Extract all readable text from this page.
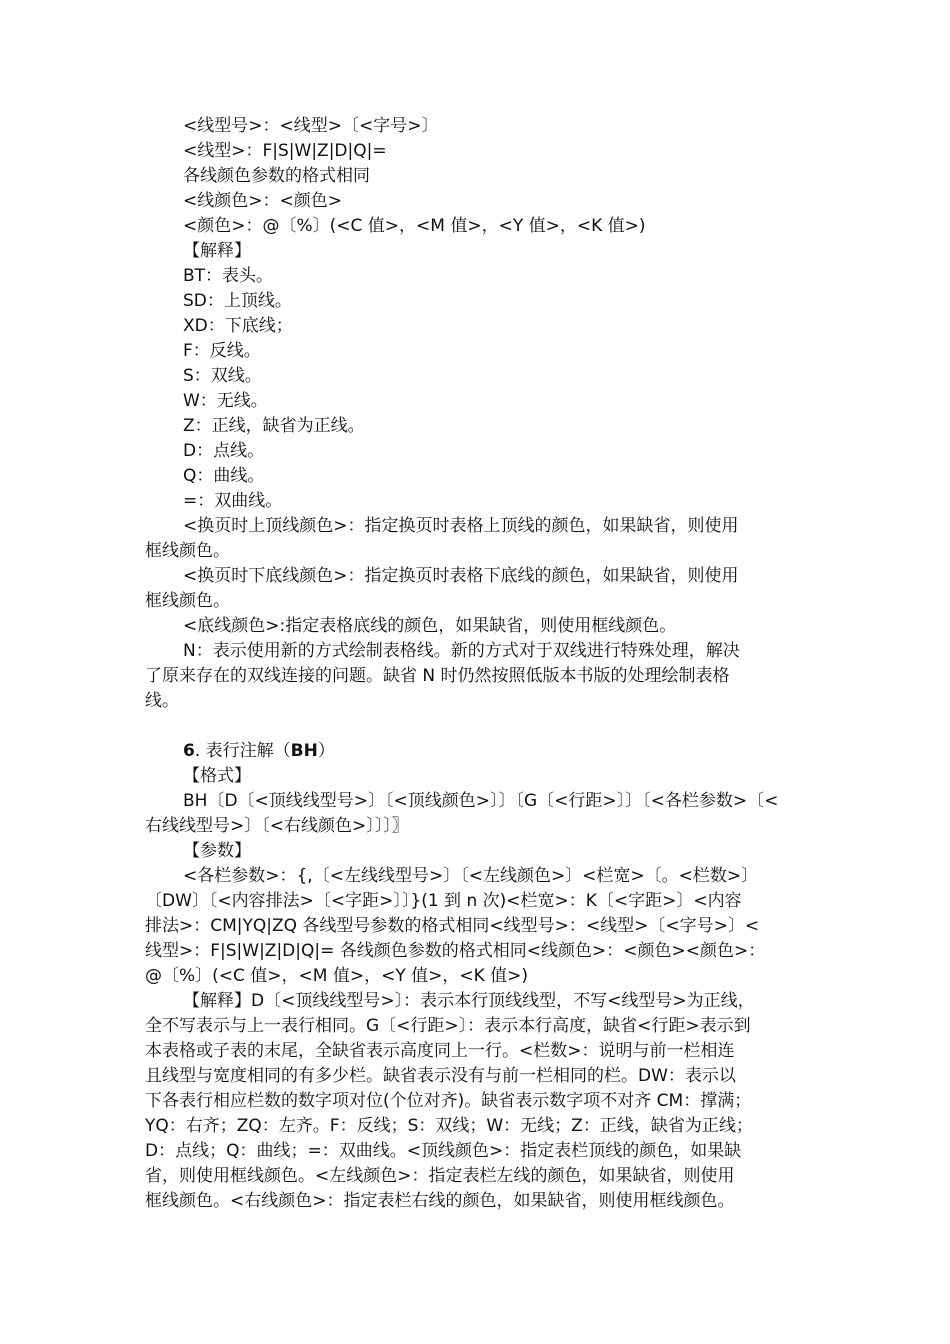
<线型号>：<线型>〔<字号>〕

<线型>：F|S|W|Z|D|Q|=

各线颜色参数的格式相同

<线颜色>：<颜色>

<颜色>：@〔%〕(<C 值>，<M 值>，<Y 值>，<K 值>)

【解释】

BT：表头。

SD：上顶线。

XD：下底线；

F：反线。

S：双线。

W：无线。

Z：正线，缺省为正线。

D：点线。

Q：曲线。

=：双曲线。

<换页时上顶线颜色>：指定换页时表格上顶线的颜色，如果缺省，则使用

框线颜色。

<换页时下底线颜色>：指定换页时表格下底线的颜色，如果缺省，则使用

框线颜色。

<底线颜色>:指定表格底线的颜色，如果缺省，则使用框线颜色。

N：表示使用新的方式绘制表格线。新的方式对于双线进行特殊处理，解决

了原来存在的双线连接的问题。缺省 N 时仍然按照低版本书版的处理绘制表格

线。

6. 表行注解（BH）

【格式】

BH〔D〔<顶线线型号>〕〔<顶线颜色>〕〕〔G〔<行距>〕〕〔<各栏参数>〔<

右线线型号>〕〔<右线颜色>〕〕〕〗

【参数】

<各栏参数>：{,〔<左线线型号>〕〔<左线颜色>〕<栏宽>〔。<栏数>〕

〔DW〕〔<内容排法>〔<字距>〕〕}(1 到 n 次)<栏宽>：K〔<字距>〕<内容

排法>：CM|YQ|ZQ 各线型号参数的格式相同<线型号>：<线型>〔<字号>〕<

线型>：F|S|W|Z|D|Q|= 各线颜色参数的格式相同<线颜色>：<颜色><颜色>：

@〔%〕(<C 值>，<M 值>，<Y 值>，<K 值>)

【解释】D〔<顶线线型号>〕：表示本行顶线线型，不写<线型号>为正线，

全不写表示与上一表行相同。G〔<行距>〕：表示本行高度，缺省<行距>表示到

本表格或子表的末尾，全缺省表示高度同上一行。<栏数>：说明与前一栏相连

且线型与宽度相同的有多少栏。缺省表示没有与前一栏相同的栏。DW：表示以

下各表行相应栏数的数字项对位(个位对齐)。缺省表示数字项不对齐 CM：撑满；

YQ：右齐；ZQ：左齐。F：反线；S：双线；W：无线；Z：正线，缺省为正线；

D：点线；Q：曲线；=：双曲线。<顶线颜色>：指定表栏顶线的颜色，如果缺

省，则使用框线颜色。<左线颜色>：指定表栏左线的颜色，如果缺省，则使用

框线颜色。<右线颜色>：指定表栏右线的颜色，如果缺省，则使用框线颜色。
